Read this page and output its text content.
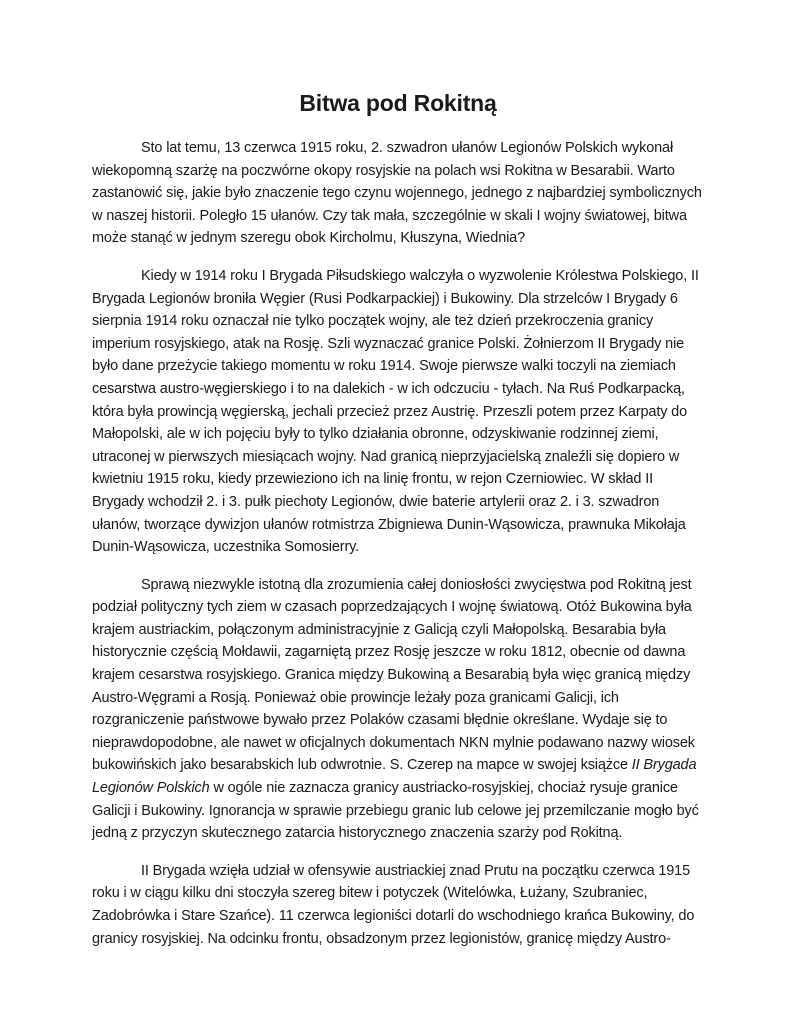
Bitwa pod Rokitną

Sto lat temu, 13 czerwca 1915 roku, 2. szwadron ułanów Legionów Polskich wykonał wiekopomną szarżę na poczwórne okopy rosyjskie na polach wsi Rokitna w Besarabii. Warto zastanowić się, jakie było znaczenie tego czynu wojennego, jednego z najbardziej symbolicznych w naszej historii. Poległo 15 ułanów. Czy tak mała, szczególnie w skali I wojny światowej, bitwa może stanąć w jednym szeregu obok Kircholmu, Kłuszyna, Wiednia?

Kiedy w 1914 roku I Brygada Piłsudskiego walczyła o wyzwolenie Królestwa Polskiego, II Brygada Legionów broniła Węgier (Rusi Podkarpackiej) i Bukowiny. Dla strzelców I Brygady 6 sierpnia 1914 roku oznaczał nie tylko początek wojny, ale też dzień przekroczenia granicy imperium rosyjskiego, atak na Rosję. Szli wyznaczać granice Polski. Żołnierzom II Brygady nie było dane przeżycie takiego momentu w roku 1914. Swoje pierwsze walki toczyli na ziemiach cesarstwa austro-węgierskiego i to na dalekich - w ich odczuciu - tyłach. Na Ruś Podkarpacką, która była prowincją węgierską, jechali przecież przez Austrię. Przeszli potem przez Karpaty do Małopolski, ale w ich pojęciu były to tylko działania obronne, odzyskiwanie rodzinnej ziemi, utraconej w pierwszych miesiącach wojny. Nad granicą nieprzyjacielską znaleźli się dopiero w kwietniu 1915 roku, kiedy przewieziono ich na linię frontu, w rejon Czerniowiec. W skład II Brygady wchodził 2. i 3. pułk piechoty Legionów, dwie baterie artylerii oraz 2. i 3. szwadron ułanów, tworzące dywizjon ułanów rotmistrza Zbigniewa Dunin-Wąsowicza, prawnuka Mikołaja Dunin-Wąsowicza, uczestnika Somosierry.

Sprawą niezwykle istotną dla zrozumienia całej doniosłości zwycięstwa pod Rokitną jest podział polityczny tych ziem w czasach poprzedzających I wojnę światową. Otóż Bukowina była krajem austriackim, połączonym administracyjnie z Galicją czyli Małopolską. Besarabia była historycznie częścią Mołdawii, zagarniętą przez Rosję jeszcze w roku 1812, obecnie od dawna krajem cesarstwa rosyjskiego. Granica między Bukowiną a Besarabią była więc granicą między Austro-Węgrami a Rosją. Ponieważ obie prowincje leżały poza granicami Galicji, ich rozgraniczenie państwowe bywało przez Polaków czasami błędnie określane. Wydaje się to nieprawdopodobne, ale nawet w oficjalnych dokumentach NKN mylnie podawano nazwy wiosek bukowińskich jako besarabskich lub odwrotnie. S. Czerep na mapce w swojej książce II Brygada Legionów Polskich w ogóle nie zaznacza granicy austriacko-rosyjskiej, chociaż rysuje granice Galicji i Bukowiny. Ignorancja w sprawie przebiegu granic lub celowe jej przemilczanie mogło być jedną z przyczyn skutecznego zatarcia historycznego znaczenia szarży pod Rokitną.

II Brygada wzięła udział w ofensywie austriackiej znad Prutu na początku czerwca 1915 roku i w ciągu kilku dni stoczyła szereg bitew i potyczek (Witelówka, Łużany, Szubraniec, Zadobrówka i Stare Szańce). 11 czerwca legioniści dotarli do wschodniego krańca Bukowiny, do granicy rosyjskiej. Na odcinku frontu, obsadzonym przez legionistów, granicę między Austro-
